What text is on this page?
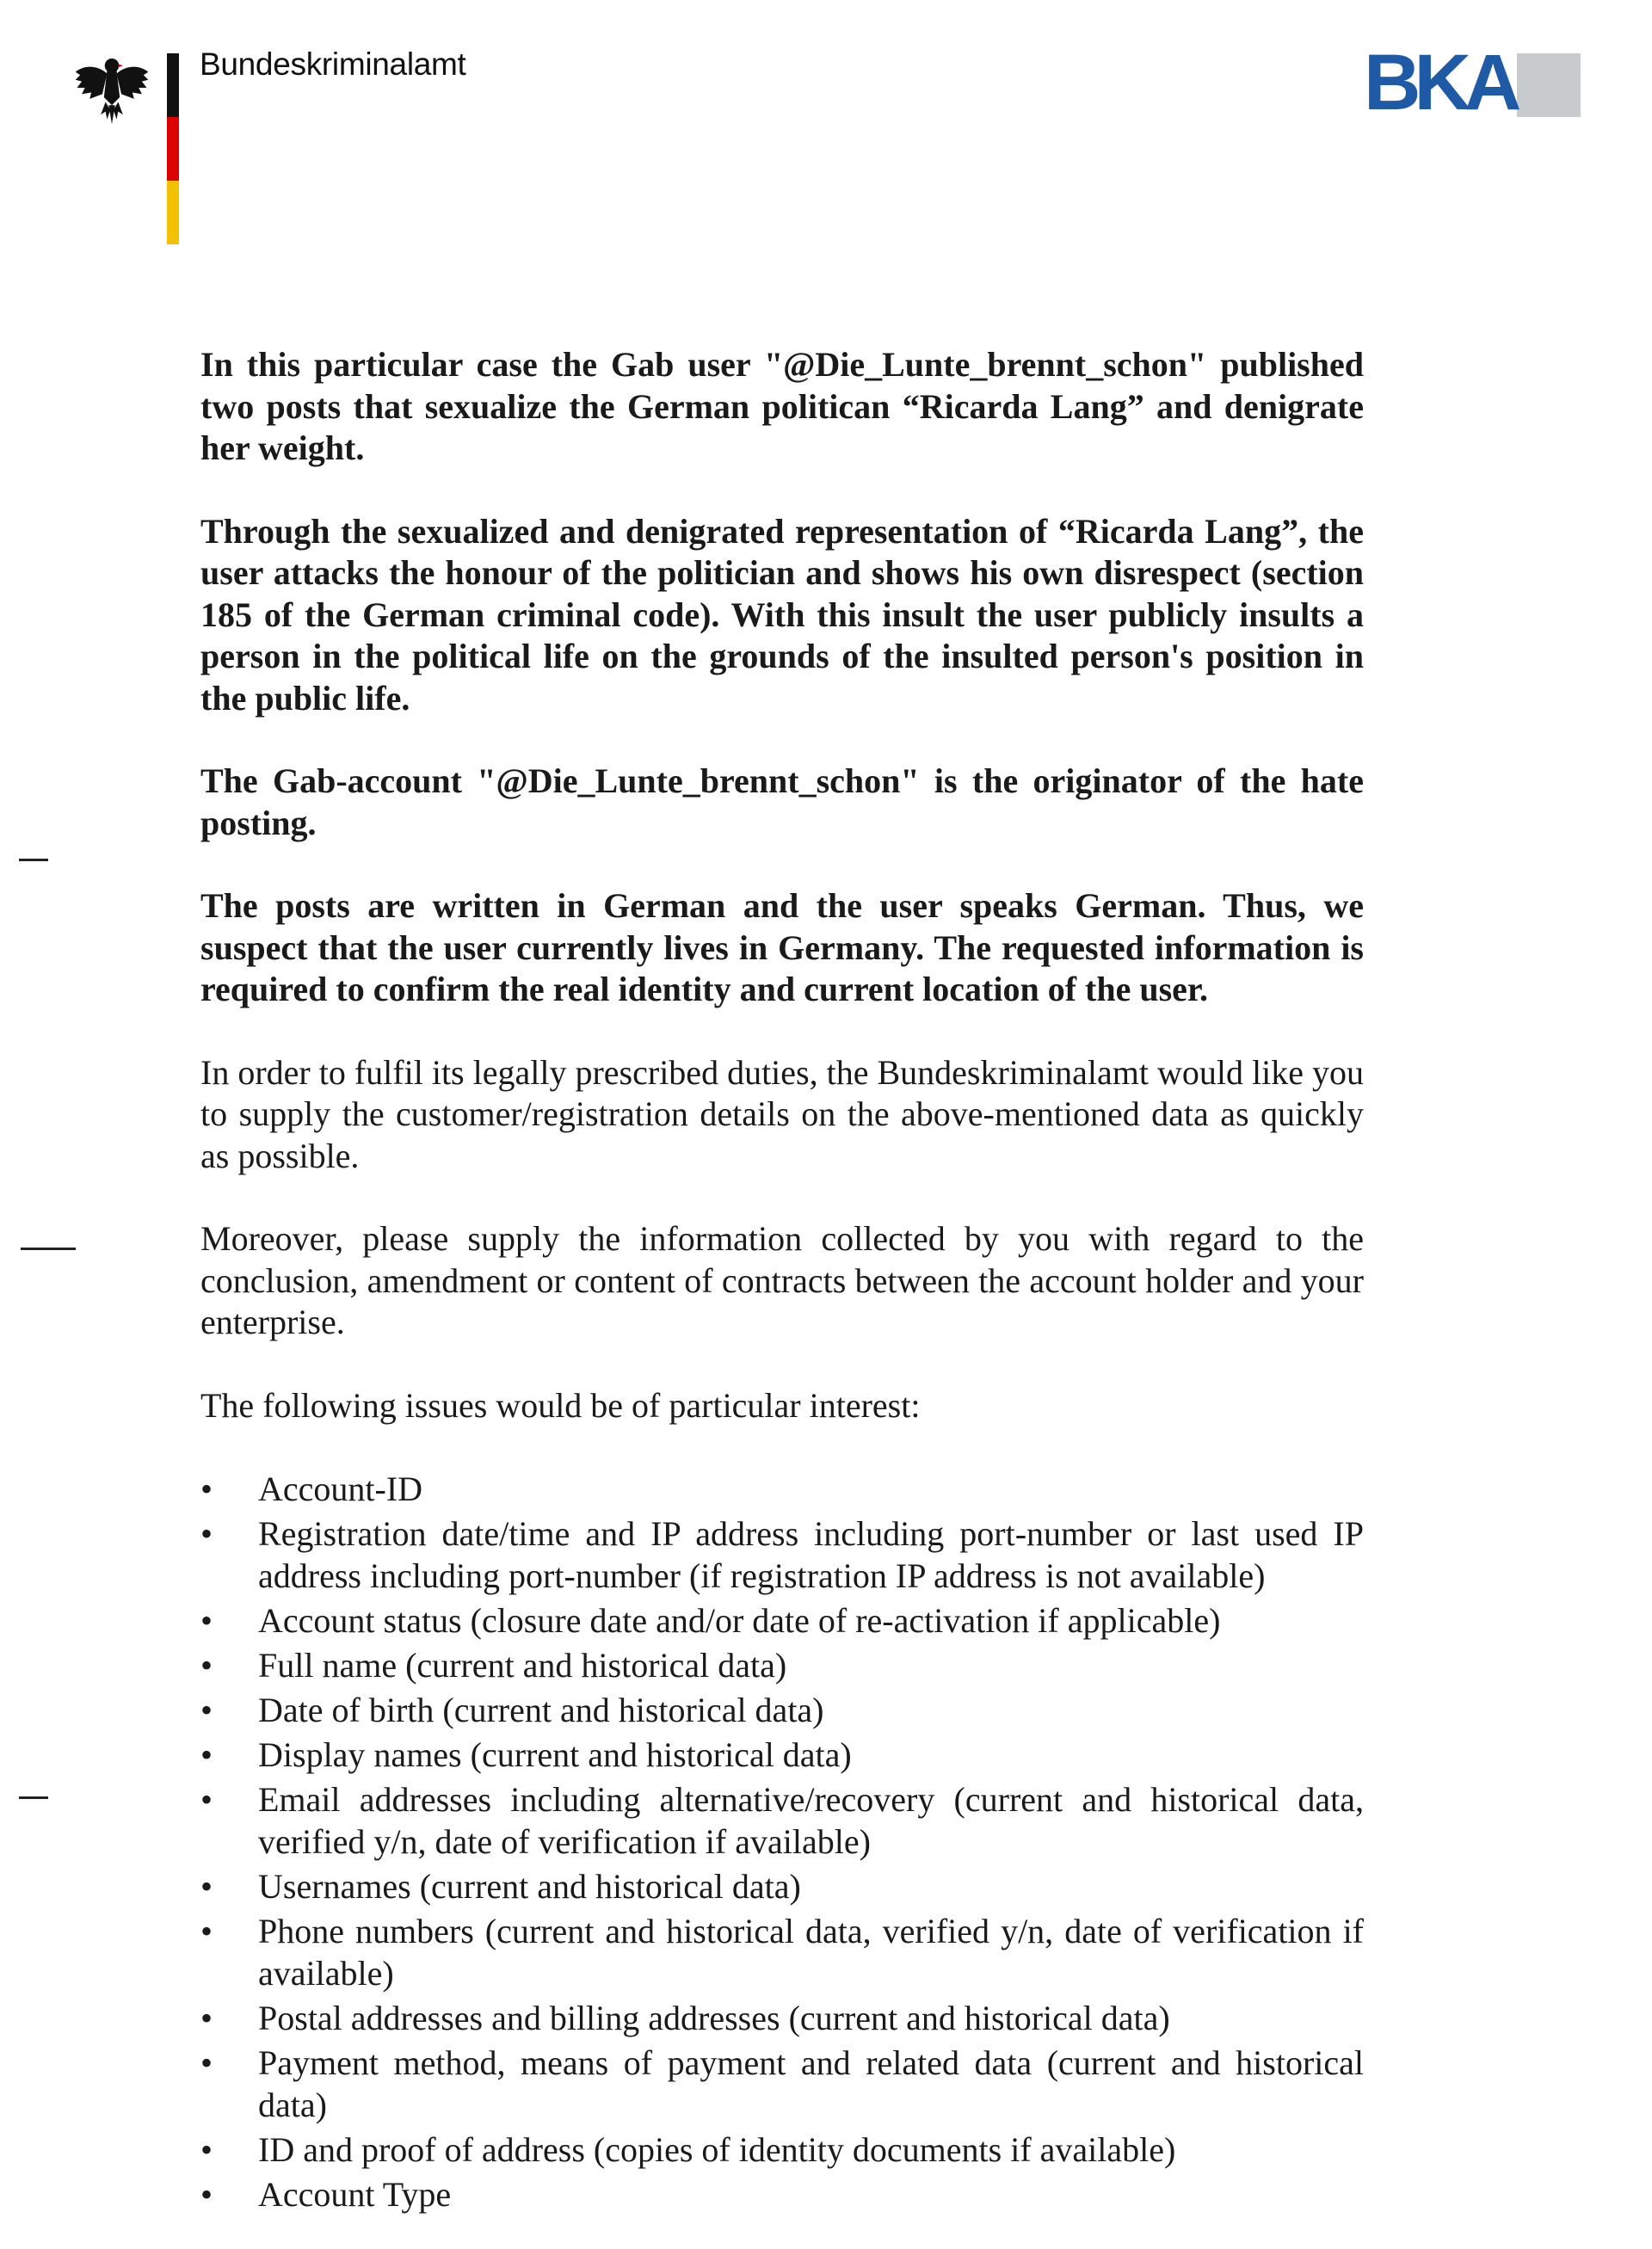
Bundeskriminalamt	BKA

In this particular case the Gab user "@Die_Lunte_brennt_schon" published two posts that sexualize the German politican “Ricarda Lang” and denigrate her weight.

Through the sexualized and denigrated representation of “Ricarda Lang”, the user attacks the honour of the politician and shows his own disrespect (section 185 of the German criminal code). With this insult the user publicly insults a person in the political life on the grounds of the insulted person's position in the public life.

The Gab-account "@Die_Lunte_brennt_schon" is the originator of the hate posting.

The posts are written in German and the user speaks German. Thus, we suspect that the user currently lives in Germany. The requested information is required to confirm the real identity and current location of the user.

In order to fulfil its legally prescribed duties, the Bundeskriminalamt would like you to supply the customer/registration details on the above-mentioned data as quickly as possible.

Moreover, please supply the information collected by you with regard to the conclusion, amendment or content of contracts between the account holder and your enterprise.

The following issues would be of particular interest:

• Account-ID
• Registration date/time and IP address including port-number or last used IP address including port-number (if registration IP address is not available)
• Account status (closure date and/or date of re-activation if applicable)
• Full name (current and historical data)
• Date of birth (current and historical data)
• Display names (current and historical data)
• Email addresses including alternative/recovery (current and historical data, verified y/n, date of verification if available)
• Usernames (current and historical data)
• Phone numbers (current and historical data, verified y/n, date of verification if available)
• Postal addresses and billing addresses (current and historical data)
• Payment method, means of payment and related data (current and historical data)
• ID and proof of address (copies of identity documents if available)
• Account Type
